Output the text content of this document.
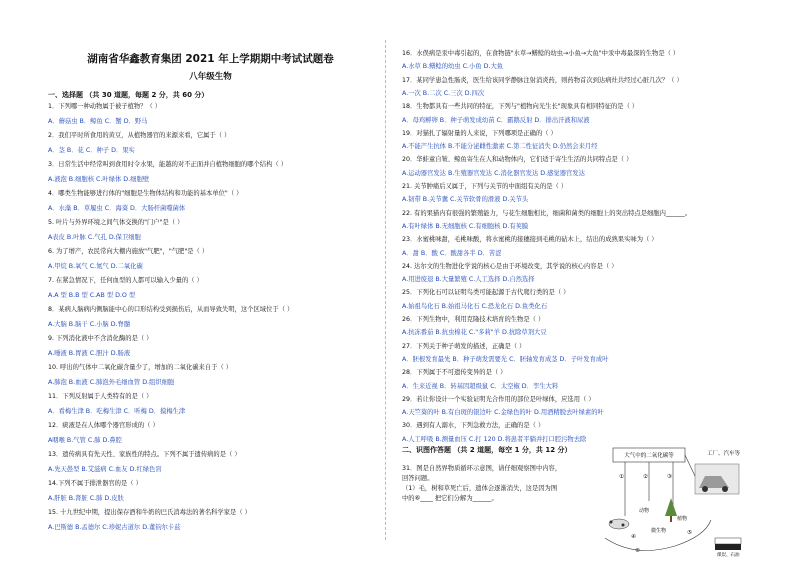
湖南省华鑫教育集团 2021 年上学期期中考试试题卷
八年级生物
一、选择题 （共 30 道题，每题 2 分，共 60 分）
1．下列哪一种动物属于被子植物？（ ）
A．蘑菇虫 B．鲸鱼 C．蟹 D．野马
2．我们平时所食用的黄豆，从植物器官的来源来看，它属于（ ）
A．茎 B．花 C．种子 D．果实
3．日常生活中经常叫到食用时令水果，能越的对不正面并自植物细胞的哪个结构（ ）
A.液泡 B.细胞核 C.叶绿体 D.细胞壁
4．哪类生物能够进行体的"细胞是生物体结构和功能的基本单位"（ ）
A．水藻 B．草履虫 C．海葵 D．大肠杆菌噬菌体
5. 叶片与外界环境之间气体交换的"门户"是（ ）
A表皮 B.叶脉 C.气孔 D.保卫细胞
6. 为了增产，农民常向大棚内施放"气肥"，"气肥"是（ ）
A.甲烷 B.氧气 C.氮气 D.二氧化碳
7. 在紧急情况下，任何血型的人都可以输入少量的（ ）
A.A 型 B.B 型 C.AB 型 D.O 型
8．某病人脑病内侧脑能中心的口形结构受到损伤后，从而导致失明，这个区域位于（ ）
A.大脑 B.脑干 C.小脑 D.脊髓
9. 下列消化液中不含消化酶的是（ ）
A.唾液 B.胃液 C.胆汁 D.肠液
10. 呼出的气体中二氧化碳含量少了，增加的二氧化碳来自于（ ）
A.肺泡 B.血液 C.肺泡外毛细血管 D.组织细胞
11．下列反射属于人类特有的是（ ）
A．看梅生津 B．吃梅生津 C．听梅 D．摸梅生津
12．痰液是在人体哪个器官形成的（ ）
A咽喉 B.气管 C.肺 D.鼻腔
13．遗传病具有先天性、家族性的特点。下列不属于遗传病的是（ ）
A.先天愚型 B.艾滋病 C.血友 D.红绿色盲
14.下列不属于排泄器官的是（ ）
A.肝脏 B.肾脏 C.肺 D.皮肤
15. 十九世纪中期，提出保存酒和牛奶的巴氏消毒法的著名科学家是（ ）
A.巴斯德 B.孟德尔 C.珍妮古道尔 D.董钧尔卡兹
16．水俣病是汞中毒引起的，在食物链"水草→鳝鲶的幼虫→小鱼→大鱼"中汞中毒最深的生物是（ ）
A.水草 B.鳝鲶的幼虫 C.小鱼 D.大鱼
17．某同学患急性肠炎，医生给该同学静脉注射消炎药，则药物首次到达病灶共经过心脏几次？（ ）
A.一次 B.二次 C.三次 D.四次
18．生物都具有一些共同的特征，下列与"植物向光生长"现象具有相同特征的是（ ）
A．母鸡孵卵 B．种子萌发成幼苗 C．霸鹅反射 D．排出汗液和尿液
19．对猫扎了辐射量的人来说，下列哪项是正确的（ ）
A.不能产生抗体 B.不能分泌雌性激素 C.第二性征消失 D.仍然会来月经
20．华蛙童自皱、鲸鱼寄生在人和动物体内，它们适于寄生生活的共同特点是（ ）
A.运动器官发达 B.生殖器官发达 C.消化器官发达 D.感觉器官发达
21. 关节肿痛后又属于，下列与关节的中面组有关的是（ ）
A.韧带 B.关节囊 C.关节软骨的滑液 D.关节头
22. 有的果猫内有很强的繁殖能力，与花生细胞相比，细菌和菌类的细胞上的突出特点是细胞内______。
A.有叶绿体 B.无细胞核 C.有细胞核 D.有荚膜
23．水蜜桃味甜，毛桃味酸，将水蜜桃的接穗接到毛桃的砧木上，结出的成熟果实味为（ ）
A．甜 B．酸 C．酸甜各半 D．苦涩
24. 达尔文的生物进化学说的核心是由于环境改变，其学说的核心内容是（ ）
A.用进废退 B.大量繁殖 C.人工选择 D.自然选择
25．下列化石可以证明鸟类可能起源于古代爬行类的是（ ）
A.始祖鸟化石 B.始祖马化石 C.恐龙化石 D.鱼类化石
26．下列生物中，利用克隆技术培育的生物是（ ）
A.抗冻番茄 B.抗虫棉花 C."多莉"羊 D.抗除草剂大豆
27．下列关于种子萌发的描述，正确是（ ）
A．胚根发育最先 B．种子萌发需要光 C．胚轴发育成茎 D．子叶发育成叶
28．下列属于不可遗传变异的是（ ）
A．生来近视 B．转基因超级鼠 C．太空椒 D．孪生大料
29．若让你设计一个实验证明光合作用的部位是叶绿体，应选用（ ）
A.天竺葵的叶 B.有白斑的银边叶 C.金绿色的叶 D.用酒精脱去叶绿素的叶
30．遇到有人溺水，下列急救方法，正确的是（ ）
A.人工呼吸 B.测量血压 C.打 120 D.将患者平躺并打口腔污物去除
二、识图作答题 （共 2 道题，每空 1 分，共 12 分）
31．图是自然界物质循环示意图，请仔细观察图中内容，
回答问题。
（1）毛，树和草死亡后，遗体会逐渐消失，这是因为图
中的⑥____ 把它们分解为______。
大气中的二氧化碳等	工厂、汽车等
①	②	③
动物
植物
微生物
④
⑤
⑥
煤炭、石油
